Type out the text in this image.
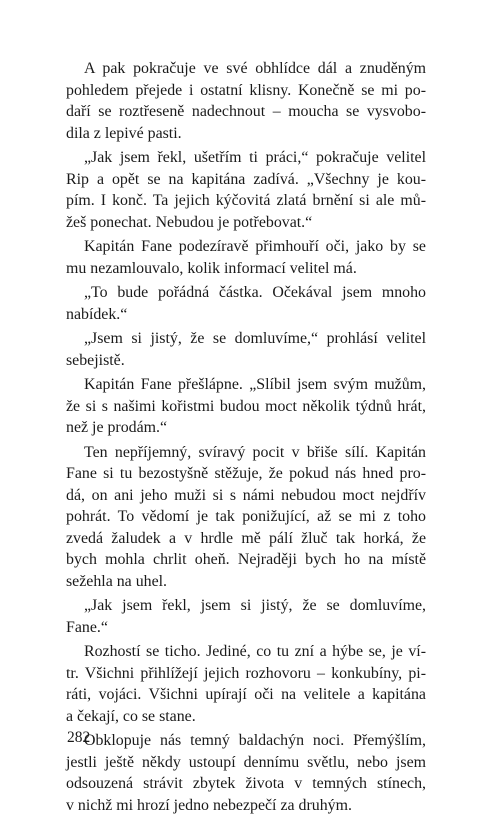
A pak pokračuje ve své obhlídce dál a znuděným
pohledem přejede i ostatní klisny. Konečně se mi po-
daří se roztřeseně nadechnout – moucha se vysvobo-
dila z lepivé pasti.

„Jak jsem řekl, ušetřím ti práci,“ pokračuje velitel
Rip a opět se na kapitána zadívá. „Všechny je kou-
pím. I konč. Ta jejich kýčovitá zlatá brnění si ale mů-
žeš ponechat. Nebudou je potřebovat.“

Kapitán Fane podezíravě přimhouří oči, jako by se
mu nezamlouvalo, kolik informací velitel má.

„To bude pořádná částka. Očekával jsem mnoho
nabídek.“

„Jsem si jistý, že se domluvíme,“ prohlásí velitel
sebejistě.

Kapitán Fane přešlápne. „Slíbil jsem svým mužům,
že si s našimi kořistmi budou moct několik týdnů hrát,
než je prodám.“

Ten nepříjemný, svíravý pocit v břiše sílí. Kapitán
Fane si tu bezostyšně stěžuje, že pokud nás hned pro-
dá, on ani jeho muži si s námi nebudou moct nejdřív
pohrát. To vědomí je tak ponižující, až se mi z toho
zvedá žaludek a v hrdle mě pálí žluč tak horká, že
bych mohla chrlit oheň. Nejraději bych ho na místě
sežehla na uhel.

„Jak jsem řekl, jsem si jistý, že se domluvíme,
Fane.“

Rozhostí se ticho. Jediné, co tu zní a hýbe se, je ví-
tr. Všichni přihlížejí jejich rozhovoru – konkubíny, pi-
ráti, vojáci. Všichni upírají oči na velitele a kapitána
a čekají, co se stane.

Obklopuje nás temný baldachýn noci. Přemýšlím,
jestli ještě někdy ustoupí dennímu světlu, nebo jsem
odsouzená strávit zbytek života v temných stínech,
v nichž mi hrozí jedno nebezpečí za druhým.

282
